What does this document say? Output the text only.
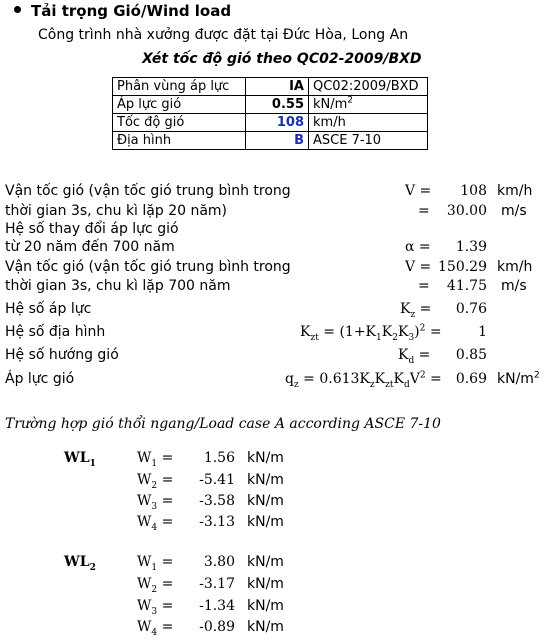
Tải trọng Gió/Wind load
Công trình nhà xưởng được đặt tại Đức Hòa, Long An
Xét tốc độ gió theo QC02-2009/BXD
Phân vùng áp lực	IA	QC02:2009/BXD
Áp lực gió	0.55	$kN/m^2$
Tốc độ gió	108	km/h
Địa hình	B	ASCE 7-10
Vận tốc gió (vận tốc gió trung bình trong
thời gian 3s, chu kì lặp 20 năm)
V =	108 km/h
=	30.00 m/s
Hệ số thay đổi áp lực gió
từ 20 năm đến 700 năm	α =	1.39
Vận tốc gió (vận tốc gió trung bình trong
thời gian 3s, chu kì lặp 700 năm
V = 150.29 km/h
=	41.75 m/s
Hệ số áp lực	$K_z$ =	0.76
Hệ số địa hình	$K_{zt} = (1+K_1K_2K_3)^2$ =	1
Hệ số hướng gió	$K_d$ =	0.85
Áp lực gió	$q_z = 0.613K_zK_{zt}K_dV^2$ =	0.69 $kN/m^2$
Trường hợp gió thổi ngang/Load case A according ASCE 7-10
$WL_1$	$W_1$ =	1.56 kN/m
$W_2$ =	-5.41 kN/m
$W_3$ =	-3.58 kN/m
$W_4$ =	-3.13 kN/m
$WL_2$	$W_1$ =	3.80 kN/m
$W_2$ =	-3.17 kN/m
$W_3$ =	-1.34 kN/m
$W_4$ =	-0.89 kN/m
